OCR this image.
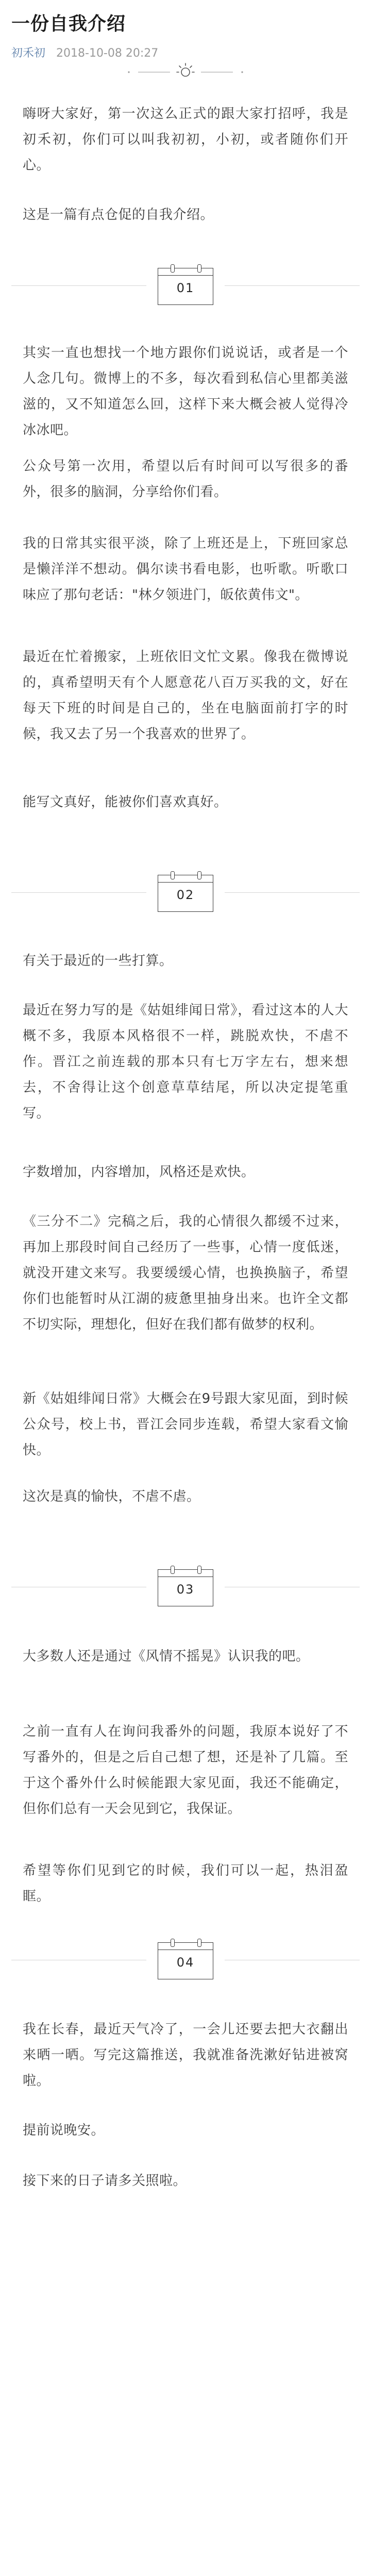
一份自我介绍
初禾初 2018-10-08 20:27

嗨呀大家好，第一次这么正式的跟大家打招呼，我是初禾初，你们可以叫我初初，小初，或者随你们开心。

这是一篇有点仓促的自我介绍。

01

其实一直也想找一个地方跟你们说说话，或者是一个人念几句。微博上的不多，每次看到私信心里都美滋滋的，又不知道怎么回，这样下来大概会被人觉得冷冰冰吧。

公众号第一次用，希望以后有时间可以写很多的番外，很多的脑洞，分享给你们看。

我的日常其实很平淡，除了上班还是上，下班回家总是懒洋洋不想动。偶尔读书看电影，也听歌。听歌口味应了那句老话："林夕领进门，皈依黄伟文"。

最近在忙着搬家，上班依旧文忙文累。像我在微博说的，真希望明天有个人愿意花八百万买我的文，好在每天下班的时间是自己的，坐在电脑面前打字的时候，我又去了另一个我喜欢的世界了。

能写文真好，能被你们喜欢真好。

02

有关于最近的一些打算。

最近在努力写的是《姑姐绯闻日常》，看过这本的人大概不多，我原本风格很不一样，跳脱欢快，不虐不作。晋江之前连载的那本只有七万字左右，想来想去，不舍得让这个创意草草结尾，所以决定提笔重写。

字数增加，内容增加，风格还是欢快。

《三分不二》完稿之后，我的心情很久都缓不过来，再加上那段时间自己经历了一些事，心情一度低迷，就没开建文来写。我要缓缓心情，也换换脑子，希望你们也能暂时从江湖的疲惫里抽身出来。也许全文都不切实际，理想化，但好在我们都有做梦的权利。

新《姑姐绯闻日常》大概会在9号跟大家见面，到时候公众号，校上书，晋江会同步连载，希望大家看文愉快。

这次是真的愉快，不虐不虐。

03

大多数人还是通过《风情不摇晃》认识我的吧。

之前一直有人在询问我番外的问题，我原本说好了不写番外的，但是之后自己想了想，还是补了几篇。至于这个番外什么时候能跟大家见面，我还不能确定，但你们总有一天会见到它，我保证。

希望等你们见到它的时候，我们可以一起，热泪盈眶。

04

我在长春，最近天气冷了，一会儿还要去把大衣翻出来晒一晒。写完这篇推送，我就准备洗漱好钻进被窝啦。

提前说晚安。

接下来的日子请多关照啦。
